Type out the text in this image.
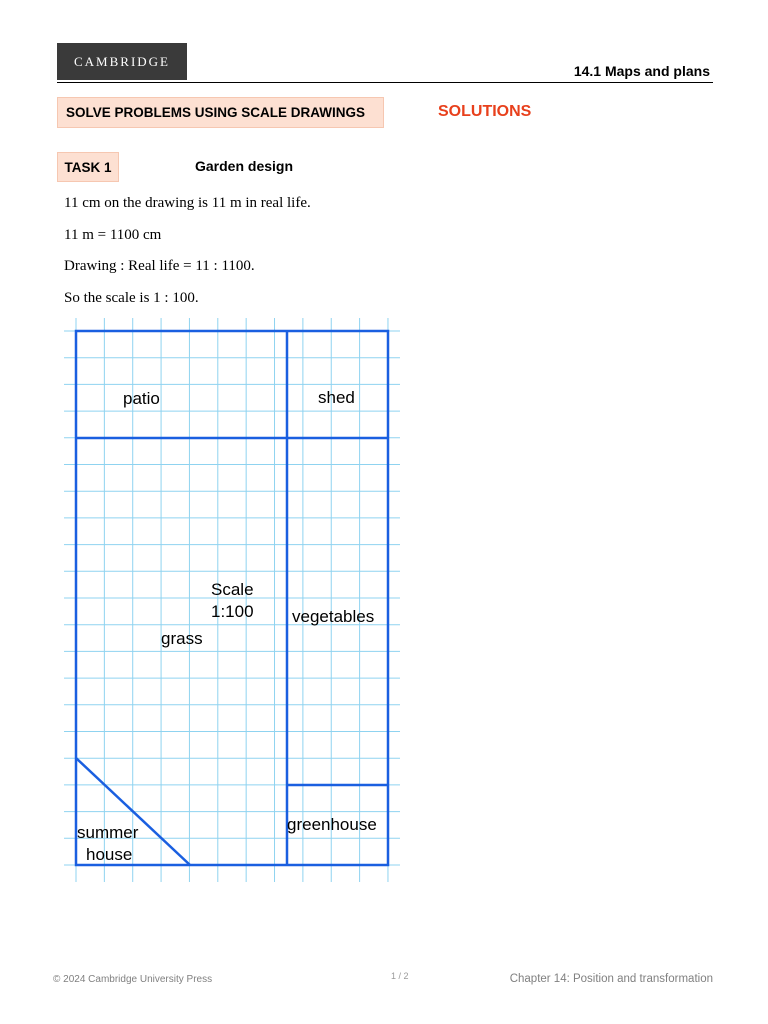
CAMBRIDGE
14.1 Maps and plans
SOLVE PROBLEMS USING SCALE DRAWINGS	SOLUTIONS
TASK 1	Garden design
11 cm on the drawing is 11 m in real life.
11 m = 1100 cm
Drawing : Real life = 11 : 1100.
So the scale is 1 : 100.
patio	shed
Scale
1:100 vegetables
grass
greenhouse
summer
house
© 2024 Cambridge University Press	1 / 2	Chapter 14: Position and transformation
